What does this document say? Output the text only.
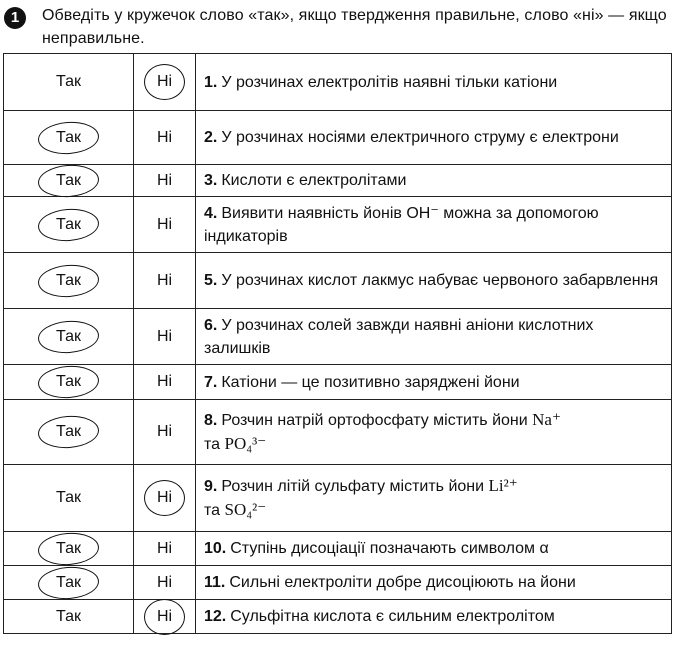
1	Обведіть у кружечок слово «так», якщо твердження правильне, слово «ні» — якщо неправильне.
Так	Ні	1. У розчинах електролітів наявні тільки катіони
Так	Ні	2. У розчинах носіями електричного струму є електрони
Так	Ні	3. Кислоти є електролітами
Так	Ні	4. Виявити наявність йонів OH⁻ можна за допомогою індикаторів
Так	Ні	5. У розчинах кислот лакмус набуває червоного забарвлення
Так	Ні	6. У розчинах солей завжди наявні аніони кислотних залишків
Так	Ні	7. Катіони — це позитивно заряджені йони
Так	Ні	8. Розчин натрій ортофосфату містить йони Na⁺
та PO₄³⁻
Так	Ні	9. Розчин літій сульфату містить йони Li²⁺
та SO₄²⁻
Так	Ні	10. Ступінь дисоціації позначають символом α
Так	Ні	11. Сильні електроліти добре дисоціюють на йони
Так	Ні	12. Сульфітна кислота є сильним електролітом
